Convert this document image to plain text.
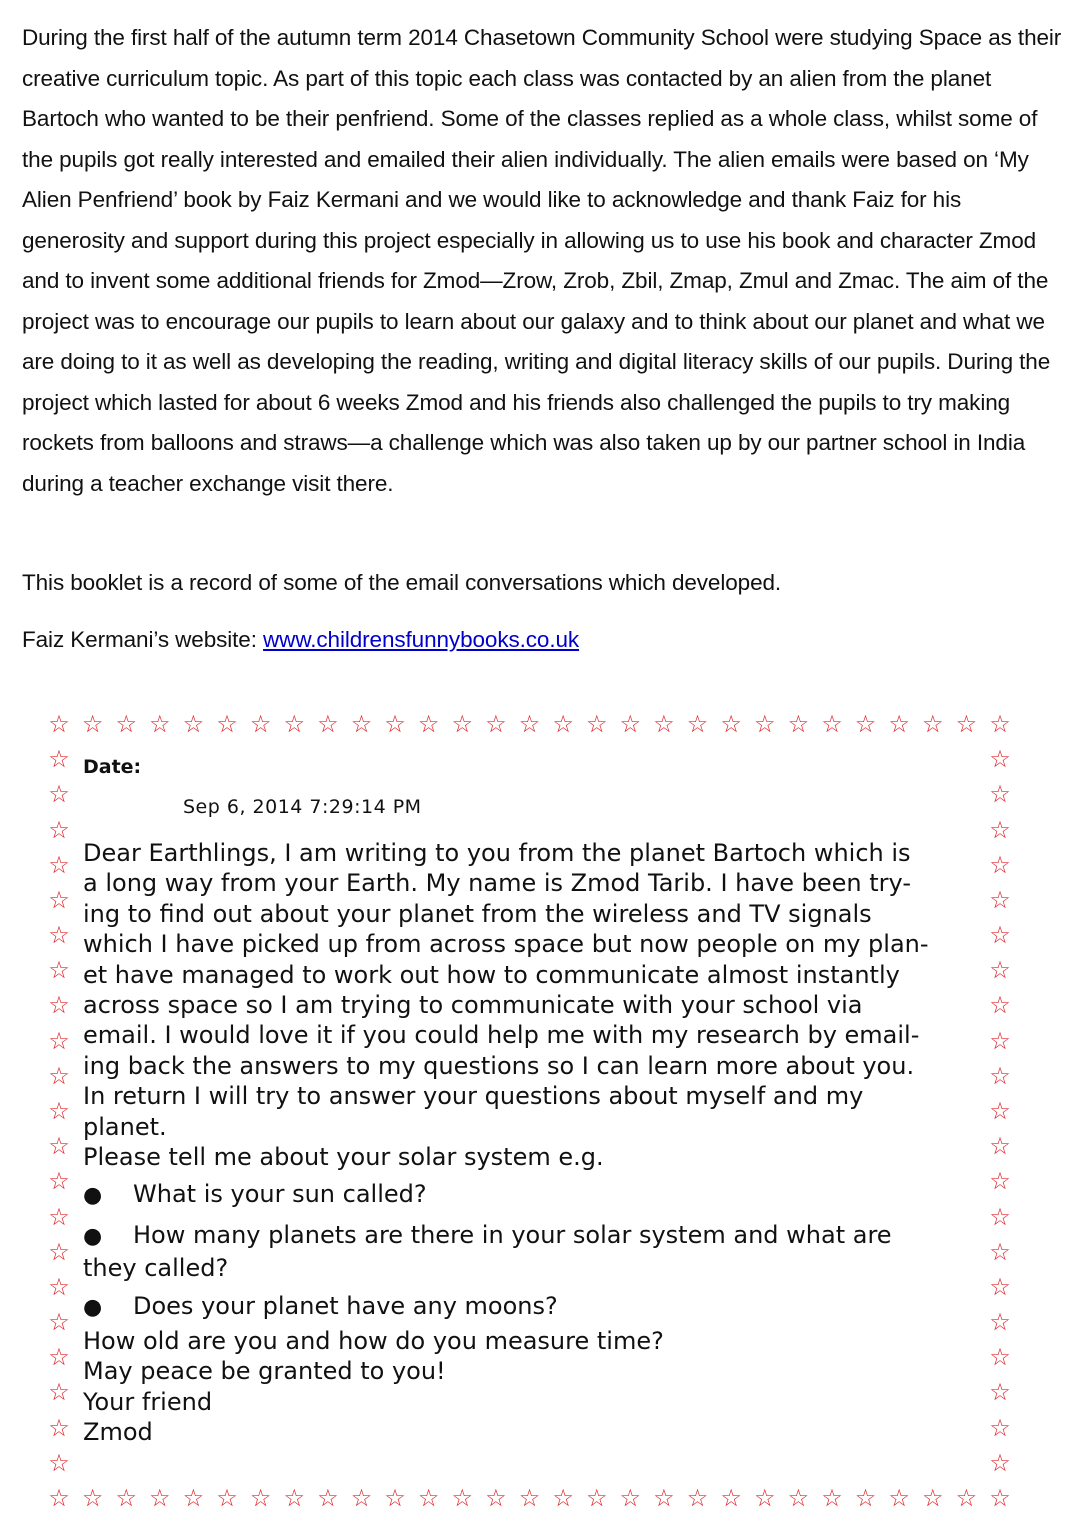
During the first half of the autumn term 2014 Chasetown Community School were studying Space as their creative curriculum topic. As part of this topic each class was contacted by an alien from the planet Bartoch who wanted to be their penfriend. Some of the classes replied as a whole class, whilst some of the pupils got really interested and emailed their alien individually. The alien emails were based on ‘My Alien Penfriend’ book by Faiz Kermani and we would like to acknowledge and thank Faiz for his generosity and support during this project especially in allowing us to use his book and character Zmod and to invent some additional friends for Zmod—Zrow, Zrob, Zbil, Zmap, Zmul and Zmac. The aim of the project was to encourage our pupils to learn about our galaxy and to think about our planet and what we are doing to it as well as developing the reading, writing and digital literacy skills of our pupils. During the project which lasted for about 6 weeks Zmod and his friends also challenged the pupils to try making rockets from balloons and straws—a challenge which was also taken up by our partner school in India during a teacher exchange visit there.

This booklet is a record of some of the email conversations which developed.

Faiz Kermani’s website: www.childrensfunnybooks.co.uk

☆
☆
☆
☆
☆
☆
☆
☆
☆
☆
☆
☆
☆
☆
☆
☆
☆
☆
☆
☆
☆
☆
☆
☆
☆
☆
☆
☆
☆
☆
☆
☆
☆
☆
☆
☆
☆
☆
☆
☆
☆
☆
☆
☆
☆
☆
☆
☆
☆
☆
☆
☆
☆
☆
☆
☆
☆
☆
☆	☆
☆	☆
☆	☆
☆	☆
☆	☆
☆	☆
☆	☆
☆	☆
☆	☆
☆	☆
☆	☆
☆	☆
☆	☆
☆	☆
☆	☆
☆	☆
☆	☆
☆	☆
☆	☆
☆	☆
☆	☆
Date:
Sep 6, 2014 7:29:14 PM
Dear Earthlings, I am writing to you from the planet Bartoch which is
a long way from your Earth. My name is Zmod Tarib. I have been try-
ing to find out about your planet from the wireless and TV signals
which I have picked up from across space but now people on my plan-
et have managed to work out how to communicate almost instantly
across space so I am trying to communicate with your school via
email. I would love it if you could help me with my research by email-
ing back the answers to my questions so I can learn more about you.
In return I will try to answer your questions about myself and my
planet.
Please tell me about your solar system e.g.
● What is your sun called?
● How many planets are there in your solar system and what are
they called?
● Does your planet have any moons?
How old are you and how do you measure time?
May peace be granted to you!
Your friend
Zmod
